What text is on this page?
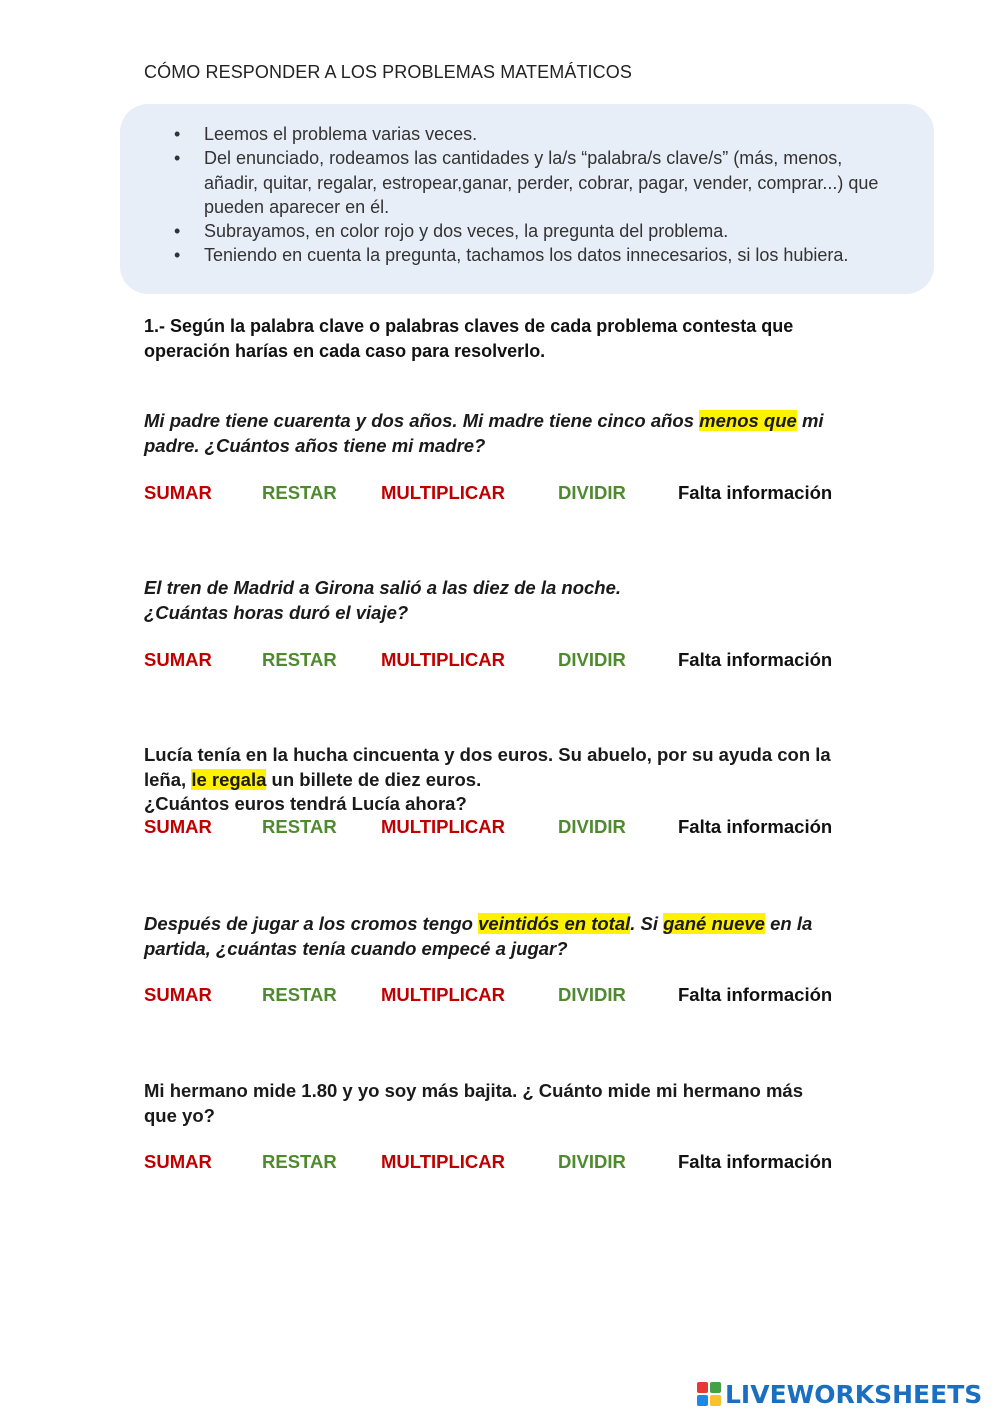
CÓMO RESPONDER A LOS PROBLEMAS MATEMÁTICOS
• Leemos el problema varias veces.
• Del enunciado, rodeamos las cantidades y la/s “palabra/s clave/s” (más, menos, añadir, quitar, regalar, estropear,ganar, perder, cobrar, pagar, vender, comprar...) que pueden aparecer en él.
• Subrayamos, en color rojo y dos veces, la pregunta del problema.
• Teniendo en cuenta la pregunta, tachamos los datos innecesarios, si los hubiera.
1.- Según la palabra clave o palabras claves de cada problema contesta que operación harías en cada caso para resolverlo.
Mi padre tiene cuarenta y dos años. Mi madre tiene cinco años menos que mi padre. ¿Cuántos años tiene mi madre?
SUMAR	RESTAR MULTIPLICAR	DIVIDIR	Falta información
El tren de Madrid a Girona salió a las diez de la noche.
¿Cuántas horas duró el viaje?
SUMAR	RESTAR MULTIPLICAR	DIVIDIR	Falta información
Lucía tenía en la hucha cincuenta y dos euros. Su abuelo, por su ayuda con la leña, le regala un billete de diez euros.
¿Cuántos euros tendrá Lucía ahora?
SUMAR	RESTAR MULTIPLICAR	DIVIDIR	Falta información
Después de jugar a los cromos tengo veintidós en total. Si gané nueve en la partida, ¿cuántas tenía cuando empecé a jugar?
SUMAR	RESTAR MULTIPLICAR	DIVIDIR	Falta información
Mi hermano mide 1.80 y yo soy más bajita. ¿ Cuánto mide mi hermano más que yo?
SUMAR	RESTAR MULTIPLICAR	DIVIDIR	Falta información
LIVEWORKSHEETS
